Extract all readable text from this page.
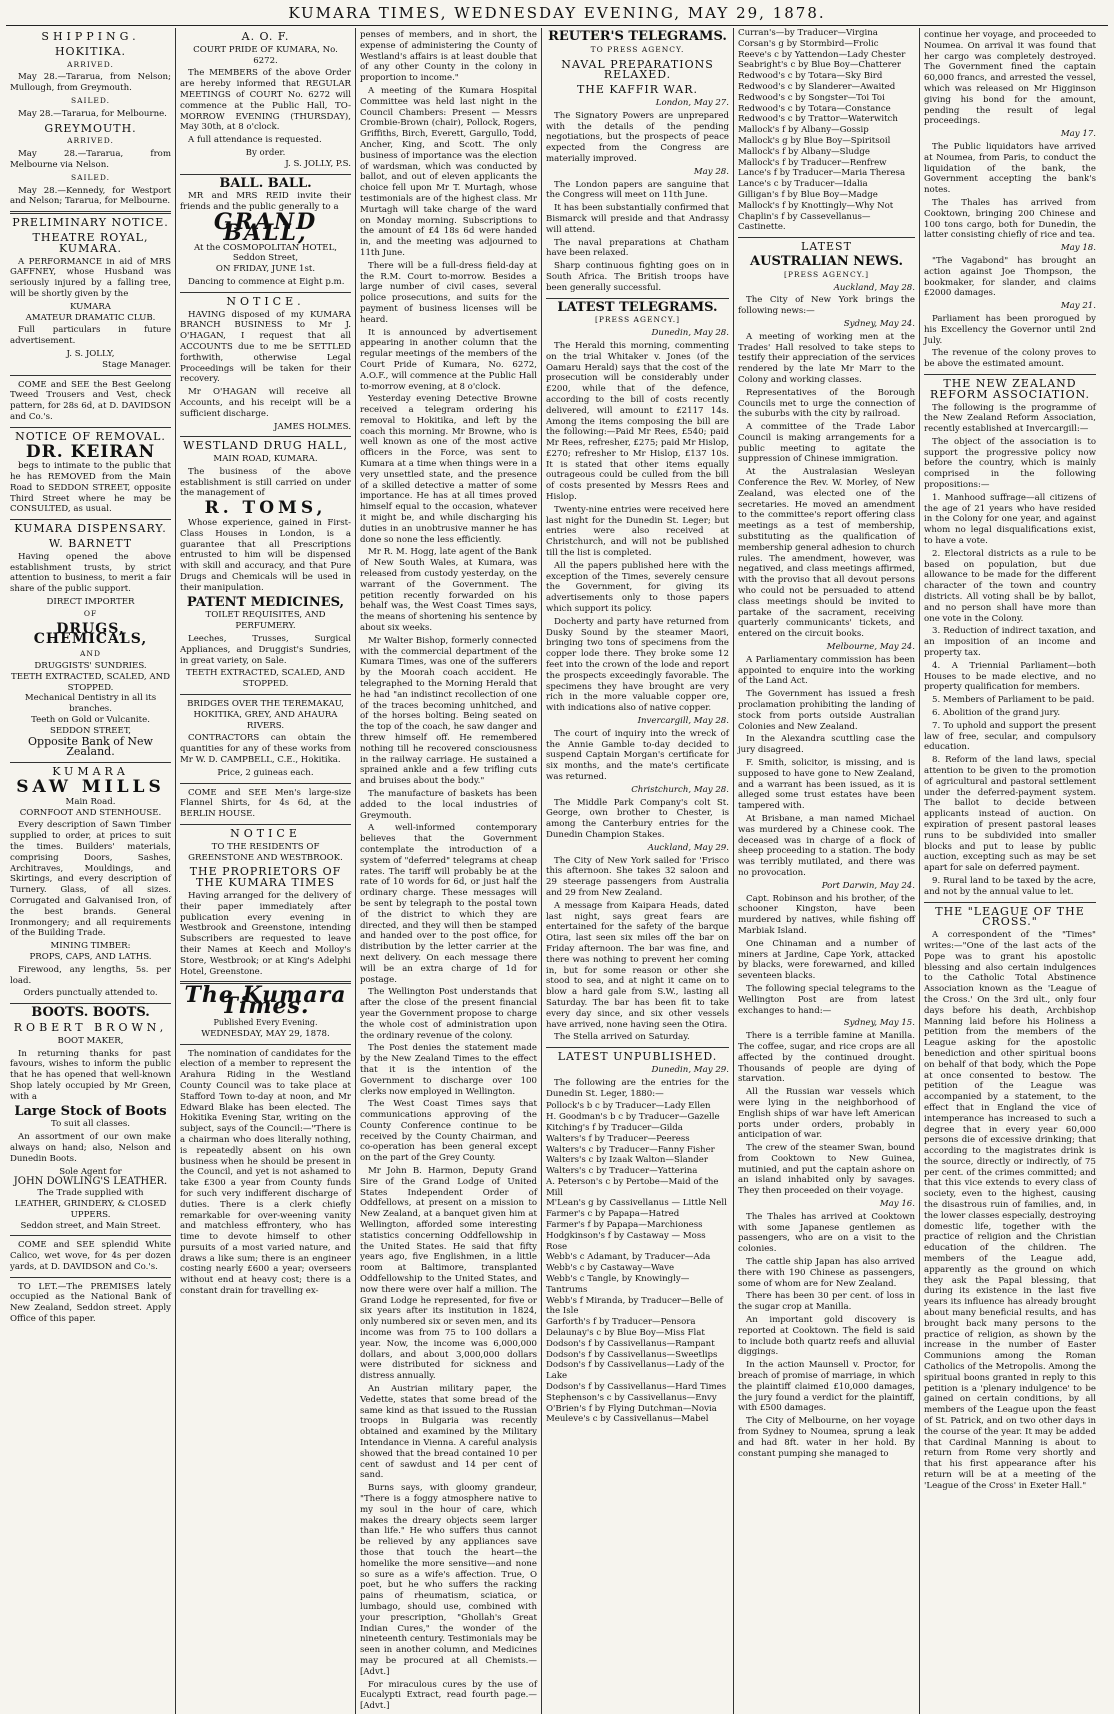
KUMARA TIMES, WEDNESDAY EVENING, MAY 29, 1878.
SHIPPING.
HOKITIKA.
ARRIVED.

May 28.—Tararua, from Nelson; Mullough, from Greymouth.

SAILED.

May 28.—Tararua, for Melbourne.

GREYMOUTH.
ARRIVED.

May 28.—Tararua, from Melbourne via Nelson.

SAILED.

May 28.—Kennedy, for Westport and Nelson; Tararua, for Melbourne.

PRELIMINARY NOTICE.
THEATRE ROYAL, KUMARA.

A PERFORMANCE in aid of MRS GAFFNEY, whose Husband was seriously injured by a falling tree, will be shortly given by the

KUMARA
AMATEUR DRAMATIC CLUB.

Full particulars in future advertisement.

J. S. JOLLY,
Stage Manager.

COME and SEE the Best Geelong Tweed Trousers and Vest, check pattern, for 28s 6d, at D. DAVIDSON and Co.'s.

NOTICE OF REMOVAL.
DR. KEIRAN

begs to intimate to the public that he has REMOVED from the Main Road to SEDDON STREET, opposite Third Street where he may be CONSULTED, as usual.

KUMARA DISPENSARY.
W. BARNETT

Having opened the above establishment trusts, by strict attention to business, to merit a fair share of the public support.

DIRECT IMPORTER
OF
DRUGS, CHEMICALS,
AND
DRUGGISTS' SUNDRIES.
TEETH EXTRACTED, SCALED, AND STOPPED.
Mechanical Dentistry in all its branches.
Teeth on Gold or Vulcanite.
SEDDON STREET,
Opposite Bank of New Zealand.
KUMARA
SAW MILLS
Main Road.
CORNFOOT AND STENHOUSE.

Every description of Sawn Timber supplied to order, at prices to suit the times. Builders' materials, comprising Doors, Sashes, Architraves, Mouldings, and Skirtings, and every description of Turnery. Glass, of all sizes. Corrugated and Galvanised Iron, of the best brands. General Ironmongery; and all requirements of the Building Trade.

MINING TIMBER:
PROPS, CAPS, AND LATHS.

Firewood, any lengths, 5s. per load.

Orders punctually attended to.
BOOTS. BOOTS.
ROBERT BROWN,
BOOT MAKER,

In returning thanks for past favours, wishes to inform the public that he has opened that well-known Shop lately occupied by Mr Green, with a

Large Stock of Boots
To suit all classes.

An assortment of our own make always on hand; also, Nelson and Dunedin Boots.

Sole Agent for
JOHN DOWLING'S LEATHER.
The Trade supplied with
LEATHER, GRINDERY, & CLOSED UPPERS.
Seddon street, and Main Street.

COME and SEE splendid White Calico, wet wove, for 4s per dozen yards, at D. DAVIDSON and Co.'s.

TO LET.—The PREMISES lately occupied as the National Bank of New Zealand, Seddon street. Apply Office of this paper.

A. O. F.
COURT PRIDE OF KUMARA, No. 6272.

The MEMBERS of the above Order are hereby informed that REGULAR MEETINGS of COURT No. 6272 will commence at the Public Hall, TO-MORROW EVENING (THURSDAY), May 30th, at 8 o'clock.

A full attendance is requested.

By order.
J. S. JOLLY, P.S.
BALL. BALL.

MR and MRS REID invite their friends and the public generally to a

GRAND BALL,
At the COSMOPOLITAN HOTEL, Seddon Street,
ON FRIDAY, JUNE 1st.

Dancing to commence at Eight p.m.

NOTICE.

HAVING disposed of my KUMARA BRANCH BUSINESS to Mr J. O'HAGAN, I request that all ACCOUNTS due to me be SETTLED forthwith, otherwise Legal Proceedings will be taken for their recovery.

Mr O'HAGAN will receive all Accounts, and his receipt will be a sufficient discharge.

JAMES HOLMES.
WESTLAND DRUG HALL,
MAIN ROAD, KUMARA.

The business of the above establishment is still carried on under the management of

R. TOMS,

Whose experience, gained in First-Class Houses in London, is a guarantee that all Prescriptions entrusted to him will be dispensed with skill and accuracy, and that Pure Drugs and Chemicals will be used in their manipulation.

PATENT MEDICINES,
TOILET REQUISITES, AND PERFUMERY.

Leeches, Trusses, Surgical Appliances, and Druggist's Sundries, in great variety, on Sale.

TEETH EXTRACTED, SCALED, AND STOPPED.
BRIDGES OVER THE TEREMAKAU, HOKITIKA, GREY, AND AHAURA RIVERS.

CONTRACTORS can obtain the quantities for any of these works from Mr W. D. CAMPBELL, C.E., Hokitika.

Price, 2 guineas each.

COME and SEE Men's large-size Flannel Shirts, for 4s 6d, at the BERLIN HOUSE.

NOTICE
TO THE RESIDENTS OF GREENSTONE AND WESTBROOK.
THE PROPRIETORS OF THE KUMARA TIMES

Having arranged for the delivery of their paper immediately after publication every evening in Westbrook and Greenstone, intending Subscribers are requested to leave their Names at Keech and Molloy's Store, Westbrook; or at King's Adelphi Hotel, Greenstone.

The Kumara Times.
Published Every Evening.
WEDNESDAY, MAY 29, 1878.

The nomination of candidates for the election of a member to represent the Arahura Riding in the Westland County Council was to take place at Stafford Town to-day at noon, and Mr Edward Blake has been elected. The Hokitika Evening Star, writing on the subject, says of the Council:—"There is a chairman who does literally nothing, is repeatedly absent on his own business when he should be present in the Council, and yet is not ashamed to take £300 a year from County funds for such very indifferent discharge of duties. There is a clerk chiefly remarkable for over-weening vanity and matchless effrontery, who has time to devote himself to other pursuits of a most varied nature, and draws a like sum; there is an engineer costing nearly £600 a year; overseers without end at heavy cost; there is a constant drain for travelling ex-

penses of members, and in short, the expense of administering the County of Westland's affairs is at least double that of any other County in the colony in proportion to income."

A meeting of the Kumara Hospital Committee was held last night in the Council Chambers: Present — Messrs Crombie-Brown (chair), Pollock, Rogers, Griffiths, Birch, Everett, Gargullo, Todd, Ancher, King, and Scott. The only business of importance was the election of wardsman, which was conducted by ballot, and out of eleven applicants the choice fell upon Mr T. Murtagh, whose testimonials are of the highest class. Mr Murtagh will take charge of the ward on Monday morning. Subscriptions to the amount of £4 18s 6d were handed in, and the meeting was adjourned to 11th June.

There will be a full-dress field-day at the R.M. Court to-morrow. Besides a large number of civil cases, several police prosecutions, and suits for the payment of business licenses will be heard.

It is announced by advertisement appearing in another column that the regular meetings of the members of the Court Pride of Kumara, No. 6272, A.O.F., will commence at the Public Hall to-morrow evening, at 8 o'clock.

Yesterday evening Detective Browne received a telegram ordering his removal to Hokitika, and left by the coach this morning. Mr Browne, who is well known as one of the most active officers in the Force, was sent to Kumara at a time when things were in a very unsettled state, and the presence of a skilled detective a matter of some importance. He has at all times proved himself equal to the occasion, whatever it might be, and while discharging his duties in an unobtrusive manner he has done so none the less efficiently.

Mr R. M. Hogg, late agent of the Bank of New South Wales, at Kumara, was released from custody yesterday, on the warrant of the Government. The petition recently forwarded on his behalf was, the West Coast Times says, the means of shortening his sentence by about six weeks.

Mr Walter Bishop, formerly connected with the commercial department of the Kumara Times, was one of the sufferers by the Moorah coach accident. He telegraphed to the Morning Herald that he had "an indistinct recollection of one of the traces becoming unhitched, and of the horses bolting. Being seated on the top of the coach, he saw danger and threw himself off. He remembered nothing till he recovered consciousness in the railway carriage. He sustained a sprained ankle and a few trifling cuts and bruises about the body."

The manufacture of baskets has been added to the local industries of Greymouth.

A well-informed contemporary believes that the Government contemplate the introduction of a system of "deferred" telegrams at cheap rates. The tariff will probably be at the rate of 10 words for 6d, or just half the ordinary charge. These messages will be sent by telegraph to the postal town of the district to which they are directed, and they will then be stamped and handed over to the post office, for distribution by the letter carrier at the next delivery. On each message there will be an extra charge of 1d for postage.

The Wellington Post understands that after the close of the present financial year the Government propose to charge the whole cost of administration upon the ordinary revenue of the colony.

The Post denies the statement made by the New Zealand Times to the effect that it is the intention of the Government to discharge over 100 clerks now employed in Wellington.

The West Coast Times says that communications approving of the County Conference continue to be received by the County Chairman, and co-operation has been general except on the part of the Grey County.

Mr John B. Harmon, Deputy Grand Sire of the Grand Lodge of United States Independent Order of Oddfellows, at present on a mission to New Zealand, at a banquet given him at Wellington, afforded some interesting statistics concerning Oddfellowship in the United States. He said that fifty years ago, five Englishmen, in a little room at Baltimore, transplanted Oddfellowship to the United States, and now there were over half a million. The Grand Lodge he represented, for five or six years after its institution in 1824, only numbered six or seven men, and its income was from 75 to 100 dollars a year. Now, the income was 6,000,000 dollars, and about 3,000,000 dollars were distributed for sickness and distress annually.

An Austrian military paper, the Vedette, states that some bread of the same kind as that issued to the Russian troops in Bulgaria was recently obtained and examined by the Military Intendance in Vienna. A careful analysis showed that the bread contained 10 per cent of sawdust and 14 per cent of sand.

Burns says, with gloomy grandeur, "There is a foggy atmosphere native to my soul in the hour of care, which makes the dreary objects seem larger than life." He who suffers thus cannot be relieved by any appliances save those that touch the heart—the homelike the more sensitive—and none so sure as a wife's affection. True, O poet, but he who suffers the racking pains of rheumatism, sciatica, or lumbago, should use, combined with your prescription, "Ghollah's Great Indian Cures," the wonder of the nineteenth century. Testimonials may be seen in another column, and Medicines may be procured at all Chemists.—[Advt.]

For miraculous cures by the use of Eucalypti Extract, read fourth page.—[Advt.]

REUTER'S TELEGRAMS.
TO PRESS AGENCY.
NAVAL PREPARATIONS RELAXED.
THE KAFFIR WAR.
London, May 27.

The Signatory Powers are unprepared with the details of the pending negotiations, but the prospects of peace expected from the Congress are materially improved.

May 28.

The London papers are sanguine that the Congress will meet on 11th June.

It has been substantially confirmed that Bismarck will preside and that Andrassy will attend.

The naval preparations at Chatham have been relaxed.

Sharp continuous fighting goes on in South Africa. The British troops have been generally successful.

LATEST TELEGRAMS.
[PRESS AGENCY.]
Dunedin, May 28.

The Herald this morning, commenting on the trial Whitaker v. Jones (of the Oamaru Herald) says that the cost of the prosecution will be considerably under £200, while that of the defence, according to the bill of costs recently delivered, will amount to £2117 14s. Among the items composing the bill are the following:—Paid Mr Rees, £540; paid Mr Rees, refresher, £275; paid Mr Hislop, £270; refresher to Mr Hislop, £137 10s. It is stated that other items equally outrageous could be culled from the bill of costs presented by Messrs Rees and Hislop.

Twenty-nine entries were received here last night for the Dunedin St. Leger; but entries were also received at Christchurch, and will not be published till the list is completed.

All the papers published here with the exception of the Times, severely censure the Government, for giving its advertisements only to those papers which support its policy.

Docherty and party have returned from Dusky Sound by the steamer Maori, bringing two tons of specimens from the copper lode there. They broke some 12 feet into the crown of the lode and report the prospects exceedingly favorable. The specimens they have brought are very rich in the more valuable copper ore, with indications also of native copper.

Invercargill, May 28.

The court of inquiry into the wreck of the Annie Gamble to-day decided to suspend Captain Morgan's certificate for six months, and the mate's certificate was returned.

Christchurch, May 28.

The Middle Park Company's colt St. George, own brother to Chester, is among the Canterbury entries for the Dunedin Champion Stakes.

Auckland, May 29.

The City of New York sailed for 'Frisco this afternoon. She takes 32 saloon and 29 steerage passengers from Australia and 29 from New Zealand.

A message from Kaipara Heads, dated last night, says great fears are entertained for the safety of the barque Otira, last seen six miles off the bar on Friday afternoon. The bar was fine, and there was nothing to prevent her coming in, but for some reason or other she stood to sea, and at night it came on to blow a hard gale from S.W., lasting all Saturday. The bar has been fit to take every day since, and six other vessels have arrived, none having seen the Otira.

The Stella arrived on Saturday.

LATEST UNPUBLISHED.
Dunedin, May 29.

The following are the entries for the Dunedin St. Leger, 1880:—

Pollock's b c by Traducer—Lady Ellen
H. Goodman's b c by Traducer—Gazelle
Kitching's f by Traducer—Gilda
Walters's f by Traducer—Peeress
Walters's c by Traducer—Fanny Fisher
Walters's c by Izaak Walton—Slander
Walters's c by Traducer—Yatterina
A. Peterson's c by Pertobe—Maid of the Mill
M'Lean's g by Cassivellanus — Little Nell
Farmer's c by Papapa—Hatred
Farmer's f by Papapa—Marchioness
Hodgkinson's f by Castaway — Moss Rose
Webb's c Adamant, by Traducer—Ada
Webb's c by Castaway—Wave
Webb's c Tangle, by Knowingly—Tantrums
Webb's f Miranda, by Traducer—Belle of the Isle
Garforth's f by Traducer—Pensora
Delaunay's c by Blue Boy—Miss Flat
Dodson's f by Cassivellanus—Rampant
Dodson's f by Cassivellanus—Sweetlips
Dodson's f by Cassivellanus—Lady of the Lake
Dodson's f by Cassivellanus—Hard Times
Stephenson's c by Cassivellanus—Envy
O'Brien's f by Flying Dutchman—Novia
Meuleve's c by Cassivellanus—Mabel
Curran's—by Traducer—Virgina
Corsan's g by Stormbird—Frolic
Reeve's c by Yattendon—Lady Chester
Seabright's c by Blue Boy—Chatterer
Redwood's c by Totara—Sky Bird
Redwood's c by Slanderer—Awaited
Redwood's c by Songster—Toi Toi
Redwood's c by Totara—Constance
Redwood's c by Trattor—Waterwitch
Mallock's f by Albany—Gossip
Mallock's g by Blue Boy—Spiritsoil
Mallock's f by Albany—Sludge
Mallock's f by Traducer—Renfrew
Lance's f by Traducer—Maria Theresa
Lance's c by Traducer—Idalia
Gilligan's f by Blue Boy—Madge
Mallock's f by Knottingly—Why Not
Chaplin's f by Cassevellanus—Castinette.
LATEST
AUSTRALIAN NEWS.
[PRESS AGENCY.]
Auckland, May 28.

The City of New York brings the following news:—

Sydney, May 24.

A meeting of working men at the Trades' Hall resolved to take steps to testify their appreciation of the services rendered by the late Mr Marr to the Colony and working classes.

Representatives of the Borough Councils met to urge the connection of the suburbs with the city by railroad.

A committee of the Trade Labor Council is making arrangements for a public meeting to agitate the suppression of Chinese immigration.

At the Australasian Wesleyan Conference the Rev. W. Morley, of New Zealand, was elected one of the secretaries. He moved an amendment to the committee's report offering class meetings as a test of membership, substituting as the qualification of membership general adhesion to church rules. The amendment, however, was negatived, and class meetings affirmed, with the proviso that all devout persons who could not be persuaded to attend class meetings should be invited to partake of the sacrament, receiving quarterly communicants' tickets, and entered on the circuit books.

Melbourne, May 24.

A Parliamentary commission has been appointed to enquire into the working of the Land Act.

The Government has issued a fresh proclamation prohibiting the landing of stock from ports outside Australian Colonies and New Zealand.

In the Alexandra scuttling case the jury disagreed.

F. Smith, solicitor, is missing, and is supposed to have gone to New Zealand, and a warrant has been issued, as it is alleged some trust estates have been tampered with.

At Brisbane, a man named Michael was murdered by a Chinese cook. The deceased was in charge of a flock of sheep proceeding to a station. The body was terribly mutilated, and there was no provocation.

Port Darwin, May 24.

Capt. Robinson and his brother, of the schooner Kingston, have been murdered by natives, while fishing off Marbiak Island.

One Chinaman and a number of miners at Jardine, Cape York, attacked by blacks, were forewarned, and killed seventeen blacks.

The following special telegrams to the Wellington Post are from latest exchanges to hand:—

Sydney, May 15.

There is a terrible famine at Manilla. The coffee, sugar, and rice crops are all affected by the continued drought. Thousands of people are dying of starvation.

All the Russian war vessels which were lying in the neighborhood of English ships of war have left American ports under orders, probably in anticipation of war.

The crew of the steamer Swan, bound from Cooktown to New Guinea, mutinied, and put the captain ashore on an island inhabited only by savages. They then proceeded on their voyage.

May 16.

The Thales has arrived at Cooktown with some Japanese gentlemen as passengers, who are on a visit to the colonies.

The cattle ship Japan has also arrived there with 190 Chinese as passengers, some of whom are for New Zealand.

There has been 30 per cent. of loss in the sugar crop at Manilla.

An important gold discovery is reported at Cooktown. The field is said to include both quartz reefs and alluvial diggings.

In the action Maunsell v. Proctor, for breach of promise of marriage, in which the plaintiff claimed £10,000 damages, the jury found a verdict for the plaintiff, with £500 damages.

The City of Melbourne, on her voyage from Sydney to Noumea, sprung a leak and had 8ft. water in her hold. By constant pumping she managed to

continue her voyage, and proceeded to Noumea. On arrival it was found that her cargo was completely destroyed. The Government fined the captain 60,000 francs, and arrested the vessel, which was released on Mr Higginson giving his bond for the amount, pending the result of legal proceedings.

May 17.

The Public liquidators have arrived at Noumea, from Paris, to conduct the liquidation of the bank, the Government accepting the bank's notes.

The Thales has arrived from Cooktown, bringing 200 Chinese and 100 tons cargo, both for Dunedin, the latter consisting chiefly of rice and tea.

May 18.

"The Vagabond" has brought an action against Joe Thompson, the bookmaker, for slander, and claims £2000 damages.

May 21.

Parliament has been prorogued by his Excellency the Governor until 2nd July.

The revenue of the colony proves to be above the estimated amount.

THE NEW ZEALAND REFORM ASSOCIATION.

The following is the programme of the New Zealand Reform Association, recently established at Invercargill:—

The object of the association is to support the progressive policy now before the country, which is mainly comprised in the following propositions:—

1. Manhood suffrage—all citizens of the age of 21 years who have resided in the Colony for one year, and against whom no legal disqualifications exist, to have a vote.

2. Electoral districts as a rule to be based on population, but due allowance to be made for the different character of the town and country districts. All voting shall be by ballot, and no person shall have more than one vote in the Colony.

3. Reduction of indirect taxation, and an imposition of an income and property tax.

4. A Triennial Parliament—both Houses to be made elective, and no property qualification for members.

5. Members of Parliament to be paid.

6. Abolition of the grand jury.

7. To uphold and support the present law of free, secular, and compulsory education.

8. Reform of the land laws, special attention to be given to the promotion of agricultural and pastoral settlement under the deferred-payment system. The ballot to decide between applicants instead of auction. On expiration of present pastoral leases runs to be subdivided into smaller blocks and put to lease by public auction, excepting such as may be set apart for sale on deferred payment.

9. Rural land to be taxed by the acre, and not by the annual value to let.

THE "LEAGUE OF THE CROSS."

A correspondent of the "Times" writes:—"One of the last acts of the Pope was to grant his apostolic blessing and also certain indulgences to the Catholic Total Abstinence Association known as the 'League of the Cross.' On the 3rd ult., only four days before his death, Archbishop Manning laid before his Holiness a petition from the members of the League asking for the apostolic benediction and other spiritual boons on behalf of that body, which the Pope at once consented to bestow. The petition of the League was accompanied by a statement, to the effect that in England the vice of intemperance has increased to such a degree that in every year 60,000 persons die of excessive drinking; that according to the magistrates drink is the source, directly or indirectly, of 75 per cent. of the crimes committed; and that this vice extends to every class of society, even to the highest, causing the disastrous ruin of families, and, in the lower classes especially, destroying domestic life, together with the practice of religion and the Christian education of the children. The members of the League add, apparently as the ground on which they ask the Papal blessing, that during its existence in the last five years its influence has already brought about many beneficial results, and has brought back many persons to the practice of religion, as shown by the increase in the number of Easter Communions among the Roman Catholics of the Metropolis. Among the spiritual boons granted in reply to this petition is a 'plenary indulgence' to be gained on certain conditions, by all members of the League upon the feast of St. Patrick, and on two other days in the course of the year. It may be added that Cardinal Manning is about to return from Rome very shortly and that his first appearance after his return will be at a meeting of the 'League of the Cross' in Exeter Hall."
